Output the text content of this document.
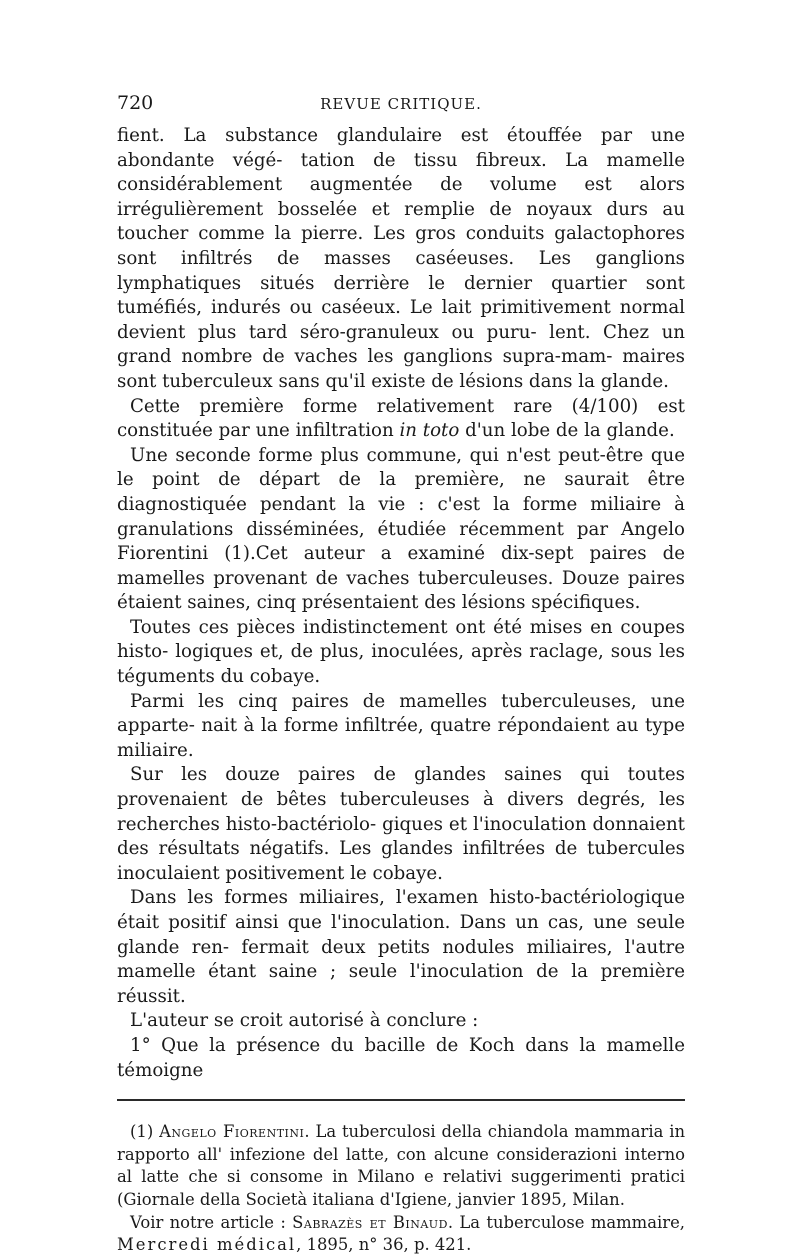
720	REVUE CRITIQUE.

fient. La substance glandulaire est étouffée par une abondante végé- tation de tissu fibreux. La mamelle considérablement augmentée de volume est alors irrégulièrement bosselée et remplie de noyaux durs au toucher comme la pierre. Les gros conduits galactophores sont infiltrés de masses caséeuses. Les ganglions lymphatiques situés derrière le dernier quartier sont tuméfiés, indurés ou caséeux. Le lait primitivement normal devient plus tard séro-granuleux ou puru- lent. Chez un grand nombre de vaches les ganglions supra-mam- maires sont tuberculeux sans qu'il existe de lésions dans la glande.

Cette première forme relativement rare (4/100) est constituée par une infiltration in toto d'un lobe de la glande.

Une seconde forme plus commune, qui n'est peut-être que le point de départ de la première, ne saurait être diagnostiquée pendant la vie : c'est la forme miliaire à granulations disséminées, étudiée récemment par Angelo Fiorentini (1).Cet auteur a examiné dix-sept paires de mamelles provenant de vaches tuberculeuses. Douze paires étaient saines, cinq présentaient des lésions spécifiques.

Toutes ces pièces indistinctement ont été mises en coupes histo- logiques et, de plus, inoculées, après raclage, sous les téguments du cobaye.

Parmi les cinq paires de mamelles tuberculeuses, une apparte- nait à la forme infiltrée, quatre répondaient au type miliaire.

Sur les douze paires de glandes saines qui toutes provenaient de bêtes tuberculeuses à divers degrés, les recherches histo-bactériolo- giques et l'inoculation donnaient des résultats négatifs. Les glandes infiltrées de tubercules inoculaient positivement le cobaye.

Dans les formes miliaires, l'examen histo-bactériologique était positif ainsi que l'inoculation. Dans un cas, une seule glande ren- fermait deux petits nodules miliaires, l'autre mamelle étant saine ; seule l'inoculation de la première réussit.

L'auteur se croit autorisé à conclure :

1° Que la présence du bacille de Koch dans la mamelle témoigne

(1) Angelo Fiorentini. La tuberculosi della chiandola mammaria in rapporto all' infezione del latte, con alcune considerazioni interno al latte che si consome in Milano e relativi suggerimenti pratici (Giornale della Società italiana d'Igiene, janvier 1895, Milan.

Voir notre article : Sabrazès et Binaud. La tuberculose mammaire, Mercredi médical, 1895, n° 36, p. 421.
